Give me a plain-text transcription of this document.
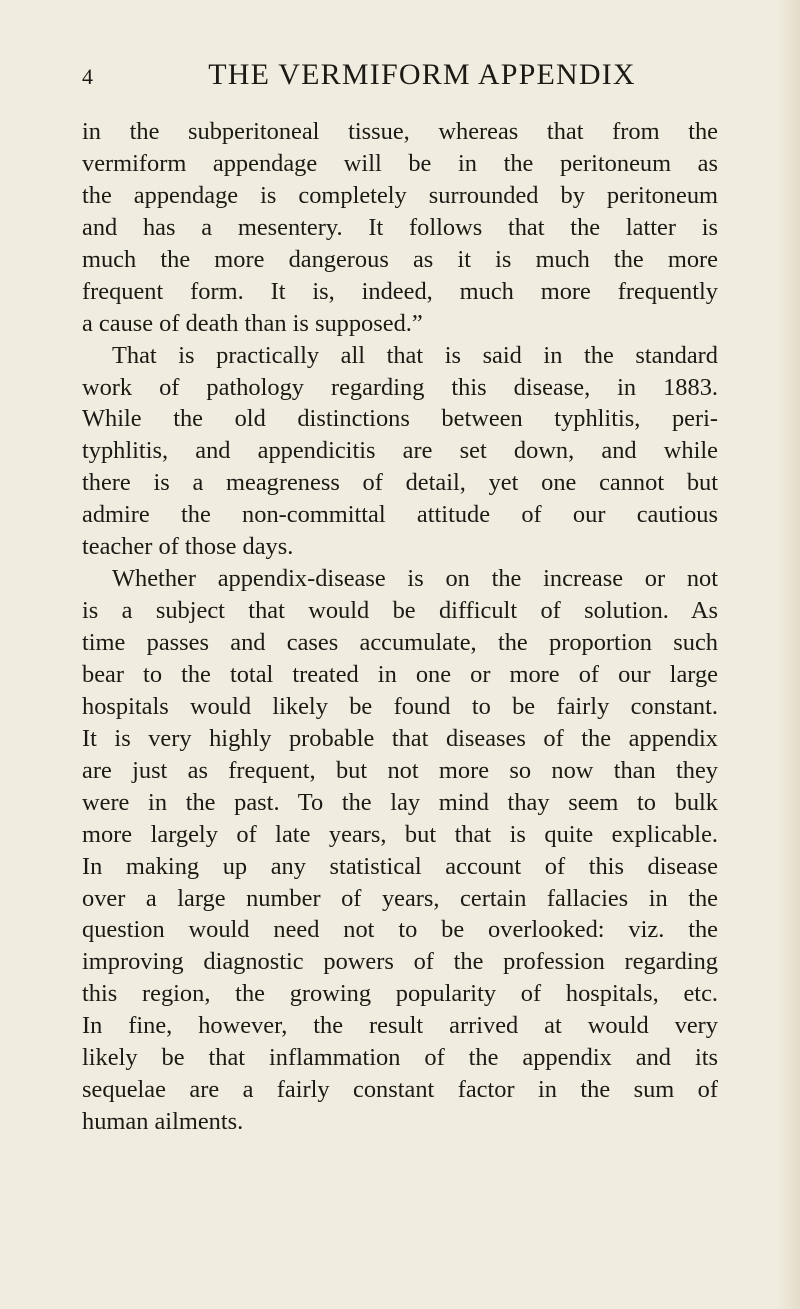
4	THE VERMIFORM APPENDIX
in the subperitoneal tissue, whereas that from the
vermiform appendage will be in the peritoneum as
the appendage is completely surrounded by peritoneum
and has a mesentery. It follows that the latter is
much the more dangerous as it is much the more
frequent form. It is, indeed, much more frequently
a cause of death than is supposed.”
That is practically all that is said in the standard
work of pathology regarding this disease, in 1883.
While the old distinctions between typhlitis, peri-
typhlitis, and appendicitis are set down, and while
there is a meagreness of detail, yet one cannot but
admire the non-committal attitude of our cautious
teacher of those days.
Whether appendix-disease is on the increase or not
is a subject that would be difficult of solution. As
time passes and cases accumulate, the proportion such
bear to the total treated in one or more of our large
hospitals would likely be found to be fairly constant.
It is very highly probable that diseases of the appendix
are just as frequent, but not more so now than they
were in the past. To the lay mind thay seem to bulk
more largely of late years, but that is quite explicable.
In making up any statistical account of this disease
over a large number of years, certain fallacies in the
question would need not to be overlooked: viz. the
improving diagnostic powers of the profession regarding
this region, the growing popularity of hospitals, etc.
In fine, however, the result arrived at would very
likely be that inflammation of the appendix and its
sequelae are a fairly constant factor in the sum of
human ailments.
